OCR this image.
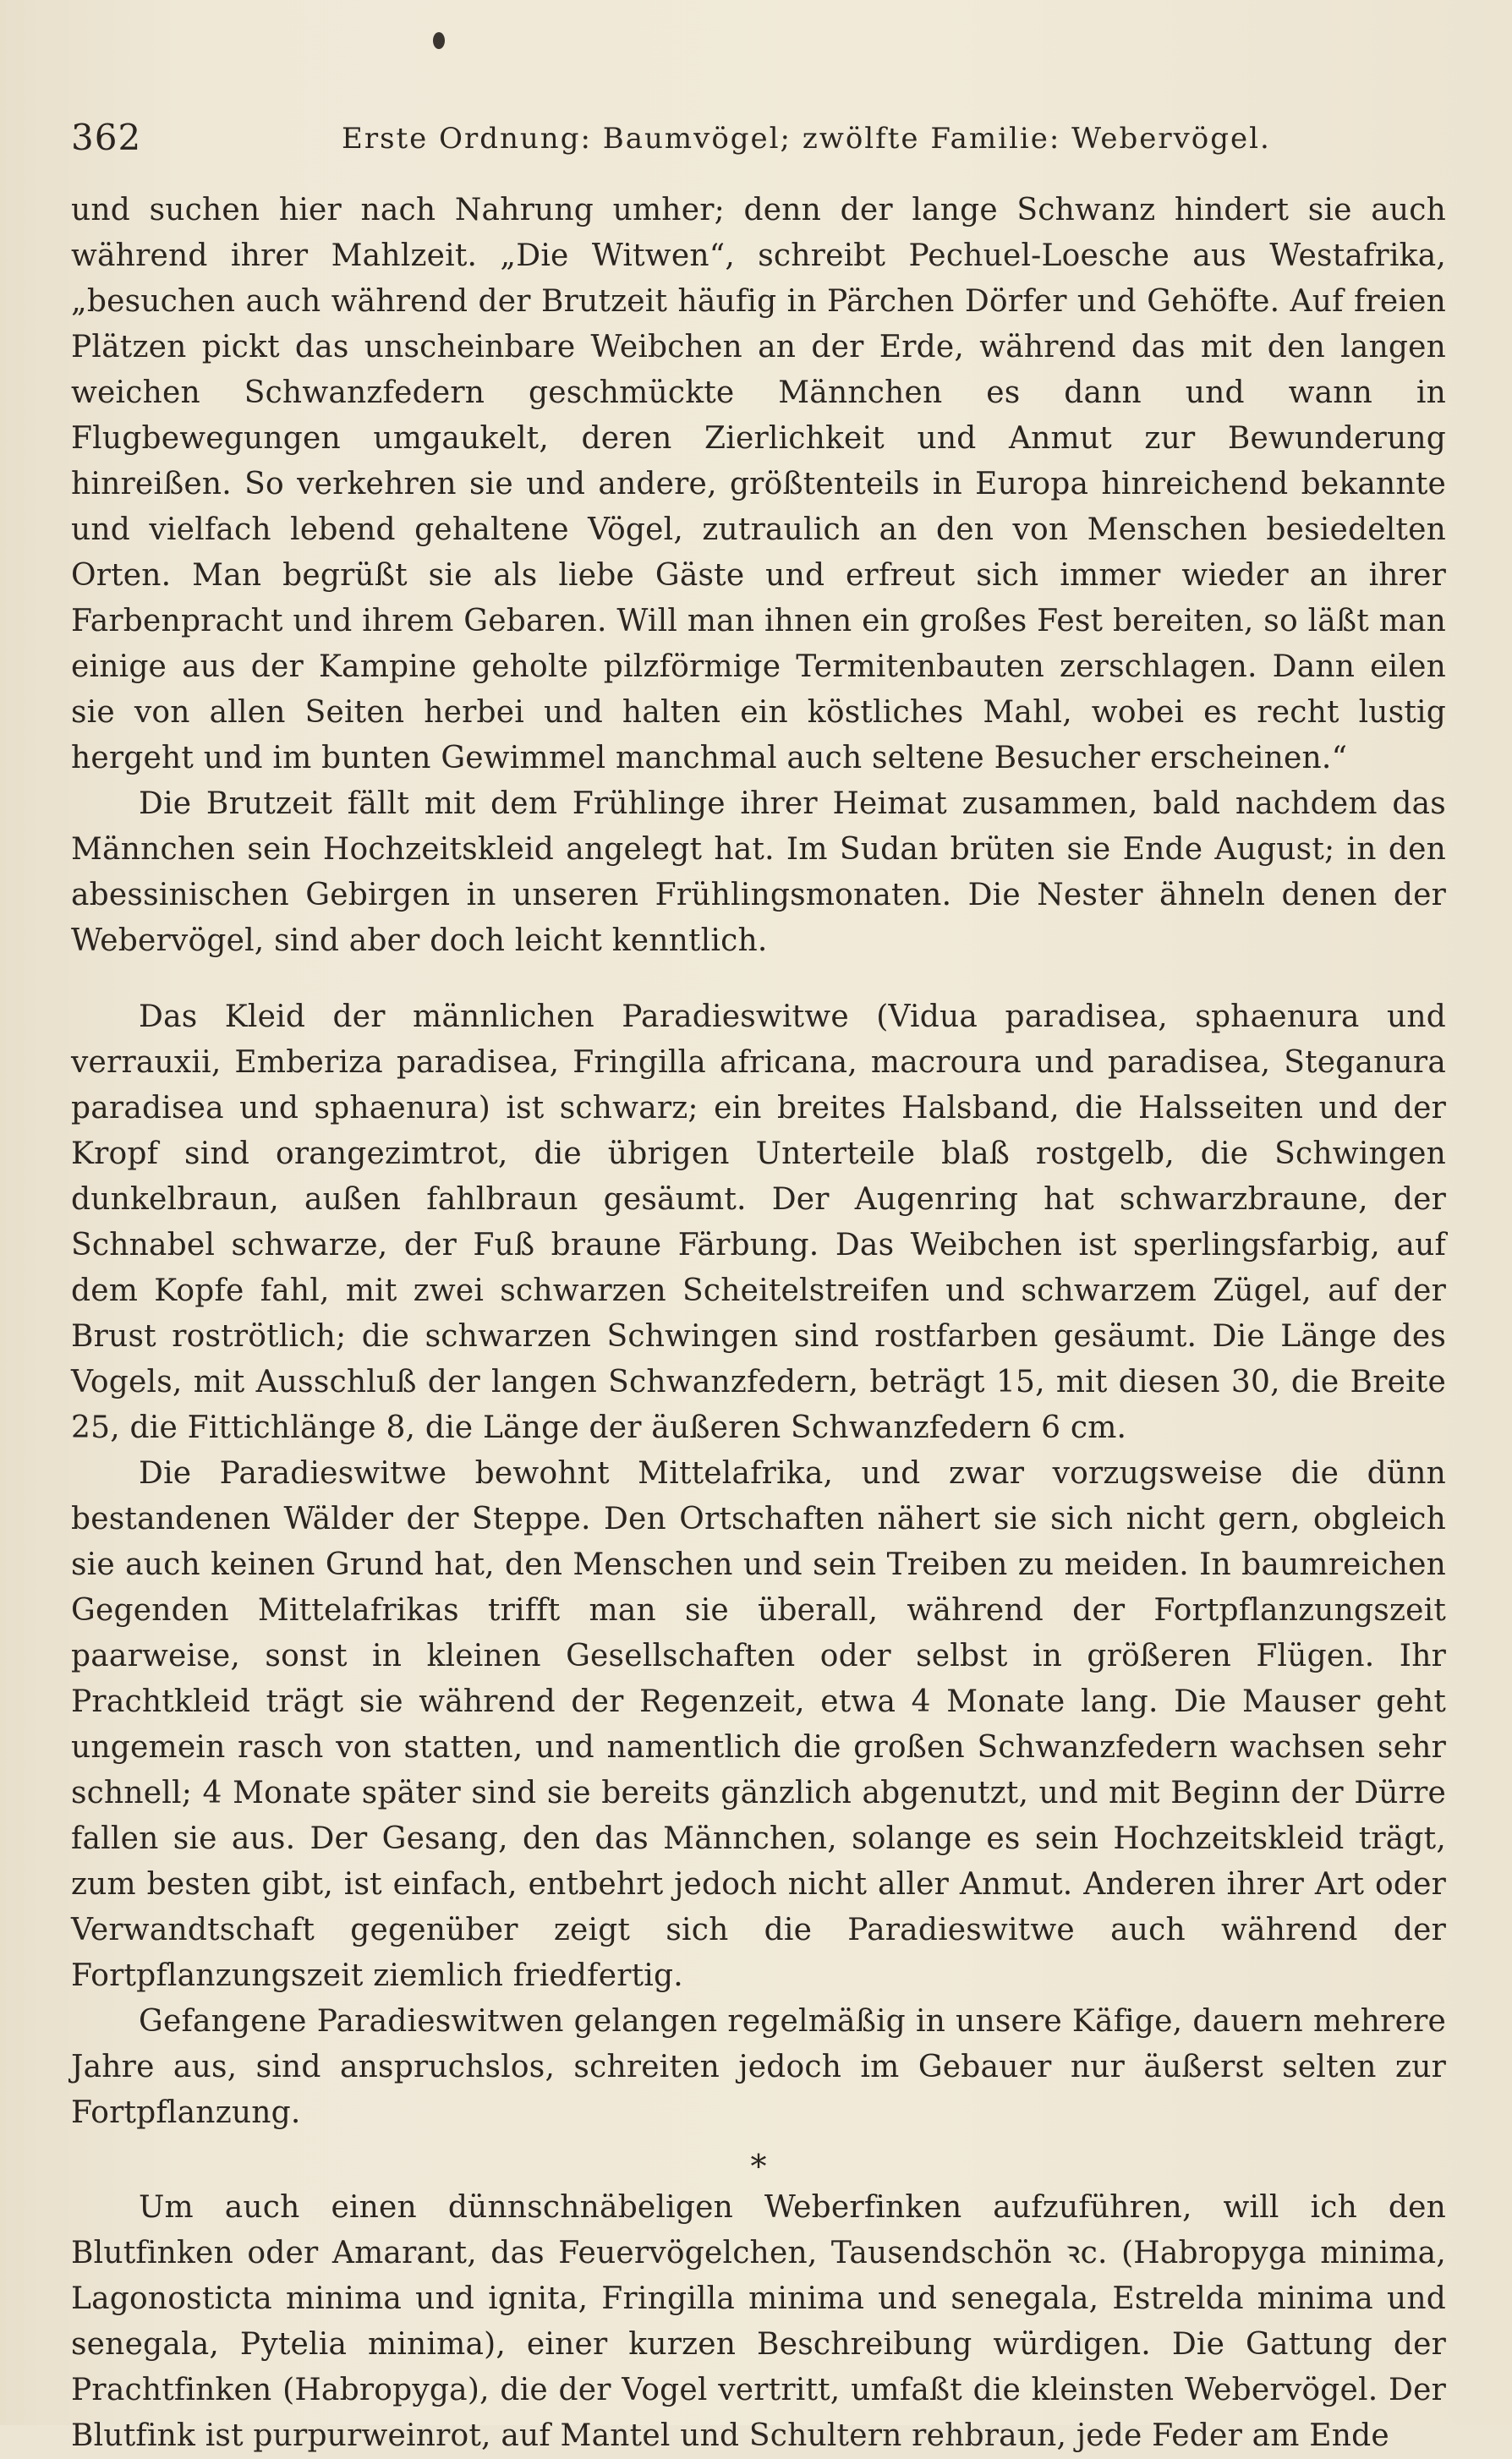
362	Erste Ordnung: Baumvögel; zwölfte Familie: Webervögel.

und suchen hier nach Nahrung umher; denn der lange Schwanz hindert sie auch während ihrer Mahlzeit. „Die Witwen“, schreibt Pechuel-Loesche aus Westafrika, „besuchen auch während der Brutzeit häufig in Pärchen Dörfer und Gehöfte. Auf freien Plätzen pickt das unscheinbare Weibchen an der Erde, während das mit den langen weichen Schwanzfedern geschmückte Männchen es dann und wann in Flugbewegungen umgaukelt, deren Zierlichkeit und Anmut zur Bewunderung hinreißen. So verkehren sie und andere, größtenteils in Europa hinreichend bekannte und vielfach lebend gehaltene Vögel, zutraulich an den von Menschen besiedelten Orten. Man begrüßt sie als liebe Gäste und erfreut sich immer wieder an ihrer Farbenpracht und ihrem Gebaren. Will man ihnen ein großes Fest bereiten, so läßt man einige aus der Kampine geholte pilzförmige Termitenbauten zerschlagen. Dann eilen sie von allen Seiten herbei und halten ein köstliches Mahl, wobei es recht lustig hergeht und im bunten Gewimmel manchmal auch seltene Besucher erscheinen.“

Die Brutzeit fällt mit dem Frühlinge ihrer Heimat zusammen, bald nachdem das Männchen sein Hochzeitskleid angelegt hat. Im Sudan brüten sie Ende August; in den abessinischen Gebirgen in unseren Frühlingsmonaten. Die Nester ähneln denen der Webervögel, sind aber doch leicht kenntlich.

Das Kleid der männlichen Paradieswitwe (Vidua paradisea, sphaenura und verrauxii, Emberiza paradisea, Fringilla africana, macroura und paradisea, Steganura paradisea und sphaenura) ist schwarz; ein breites Halsband, die Halsseiten und der Kropf sind orangezimtrot, die übrigen Unterteile blaß rostgelb, die Schwingen dunkelbraun, außen fahlbraun gesäumt. Der Augenring hat schwarzbraune, der Schnabel schwarze, der Fuß braune Färbung. Das Weibchen ist sperlingsfarbig, auf dem Kopfe fahl, mit zwei schwarzen Scheitelstreifen und schwarzem Zügel, auf der Brust roströtlich; die schwarzen Schwingen sind rostfarben gesäumt. Die Länge des Vogels, mit Ausschluß der langen Schwanzfedern, beträgt 15, mit diesen 30, die Breite 25, die Fittichlänge 8, die Länge der äußeren Schwanzfedern 6 cm.

Die Paradieswitwe bewohnt Mittelafrika, und zwar vorzugsweise die dünn bestandenen Wälder der Steppe. Den Ortschaften nähert sie sich nicht gern, obgleich sie auch keinen Grund hat, den Menschen und sein Treiben zu meiden. In baumreichen Gegenden Mittelafrikas trifft man sie überall, während der Fortpflanzungszeit paarweise, sonst in kleinen Gesellschaften oder selbst in größeren Flügen. Ihr Prachtkleid trägt sie während der Regenzeit, etwa 4 Monate lang. Die Mauser geht ungemein rasch von statten, und namentlich die großen Schwanzfedern wachsen sehr schnell; 4 Monate später sind sie bereits gänzlich abgenutzt, und mit Beginn der Dürre fallen sie aus. Der Gesang, den das Männchen, solange es sein Hochzeitskleid trägt, zum besten gibt, ist einfach, entbehrt jedoch nicht aller Anmut. Anderen ihrer Art oder Verwandtschaft gegenüber zeigt sich die Paradieswitwe auch während der Fortpflanzungszeit ziemlich friedfertig.

Gefangene Paradieswitwen gelangen regelmäßig in unsere Käfige, dauern mehrere Jahre aus, sind anspruchslos, schreiten jedoch im Gebauer nur äußerst selten zur Fortpflanzung.

*

Um auch einen dünnschnäbeligen Weberfinken aufzuführen, will ich den Blutfinken oder Amarant, das Feuervögelchen, Tausendschön ꝛc. (Habropyga minima, Lagonosticta minima und ignita, Fringilla minima und senegala, Estrelda minima und senegala, Pytelia minima), einer kurzen Beschreibung würdigen. Die Gattung der Prachtfinken (Habropyga), die der Vogel vertritt, umfaßt die kleinsten Webervögel. Der Blutfink ist purpurweinrot, auf Mantel und Schultern rehbraun, jede Feder am Ende
